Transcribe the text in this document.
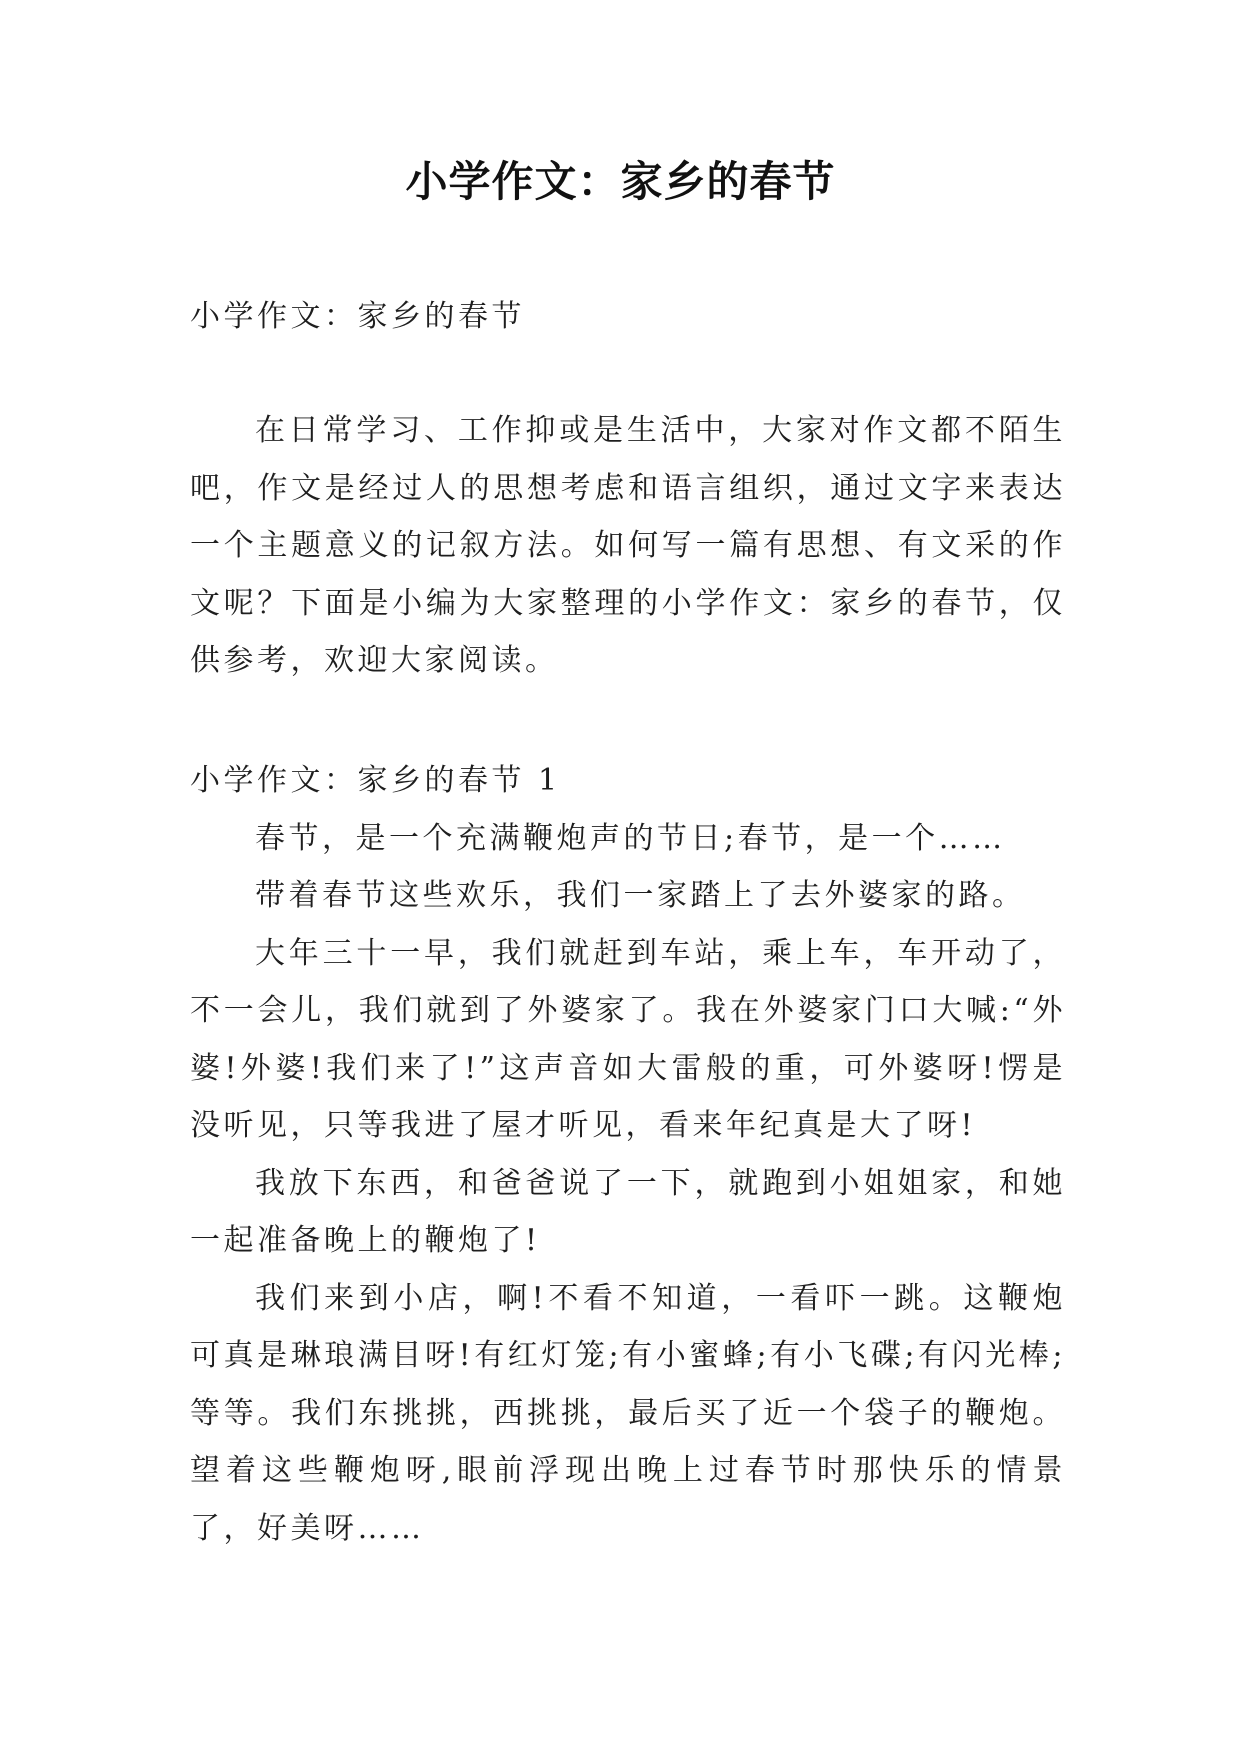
小学作文：家乡的春节

小学作文：家乡的春节

在日常学习、工作抑或是生活中，大家对作文都不陌生吧，作文是经过人的思想考虑和语言组织，通过文字来表达一个主题意义的记叙方法。如何写一篇有思想、有文采的作文呢？下面是小编为大家整理的小学作文：家乡的春节，仅供参考，欢迎大家阅读。

小学作文：家乡的春节 1

春节，是一个充满鞭炮声的节日;春节，是一个……

带着春节这些欢乐，我们一家踏上了去外婆家的路。

大年三十一早，我们就赶到车站，乘上车，车开动了，不一会儿，我们就到了外婆家了。我在外婆家门口大喊:“外婆!外婆!我们来了!”这声音如大雷般的重，可外婆呀!愣是没听见，只等我进了屋才听见，看来年纪真是大了呀!

我放下东西，和爸爸说了一下，就跑到小姐姐家，和她一起准备晚上的鞭炮了!

我们来到小店，啊!不看不知道，一看吓一跳。这鞭炮可真是琳琅满目呀!有红灯笼;有小蜜蜂;有小飞碟;有闪光棒;等等。我们东挑挑，西挑挑，最后买了近一个袋子的鞭炮。望着这些鞭炮呀,眼前浮现出晚上过春节时那快乐的情景了，好美呀……
